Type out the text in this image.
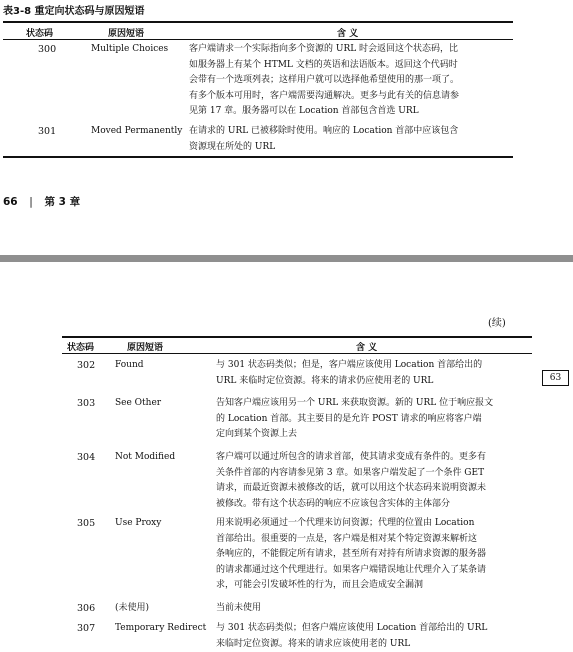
表3-8 重定向状态码与原因短语
状态码	原因短语	含 义
300	Multiple Choices 客户端请求一个实际指向多个资源的 URL 时会返回这个状态码，比
如服务器上有某个 HTML 文档的英语和法语版本。返回这个代码时
会带有一个选项列表；这样用户就可以选择他希望使用的那一项了。
有多个版本可用时，客户端需要沟通解决。更多与此有关的信息请参
见第 17 章。服务器可以在 Location 首部包含首选 URL
301	Moved Permanently 在请求的 URL 已被移除时使用。响应的 Location 首部中应该包含
资源现在所处的 URL
66 | 第 3 章
(续)
63
状态码	原因短语	含 义
302 Found	与 301 状态码类似；但是，客户端应该使用 Location 首部给出的
URL 来临时定位资源。将来的请求仍应使用老的 URL
303 See Other	告知客户端应该用另一个 URL 来获取资源。新的 URL 位于响应报文
的 Location 首部。其主要目的是允许 POST 请求的响应将客户端
定向到某个资源上去
304 Not Modified	客户端可以通过所包含的请求首部，使其请求变成有条件的。更多有
关条件首部的内容请参见第 3 章。如果客户端发起了一个条件 GET
请求，而最近资源未被修改的话，就可以用这个状态码来说明资源未
被修改。带有这个状态码的响应不应该包含实体的主体部分
305 Use Proxy	用来说明必须通过一个代理来访问资源；代理的位置由 Location
首部给出。很重要的一点是，客户端是相对某个特定资源来解析这
条响应的，不能假定所有请求，甚至所有对持有所请求资源的服务器
的请求都通过这个代理进行。如果客户端错误地让代理介入了某条请
求，可能会引发破坏性的行为，而且会造成安全漏洞
306 (未使用)	当前未使用
307 Temporary Redirect 与 301 状态码类似；但客户端应该使用 Location 首部给出的 URL
来临时定位资源。将来的请求应该使用老的 URL
